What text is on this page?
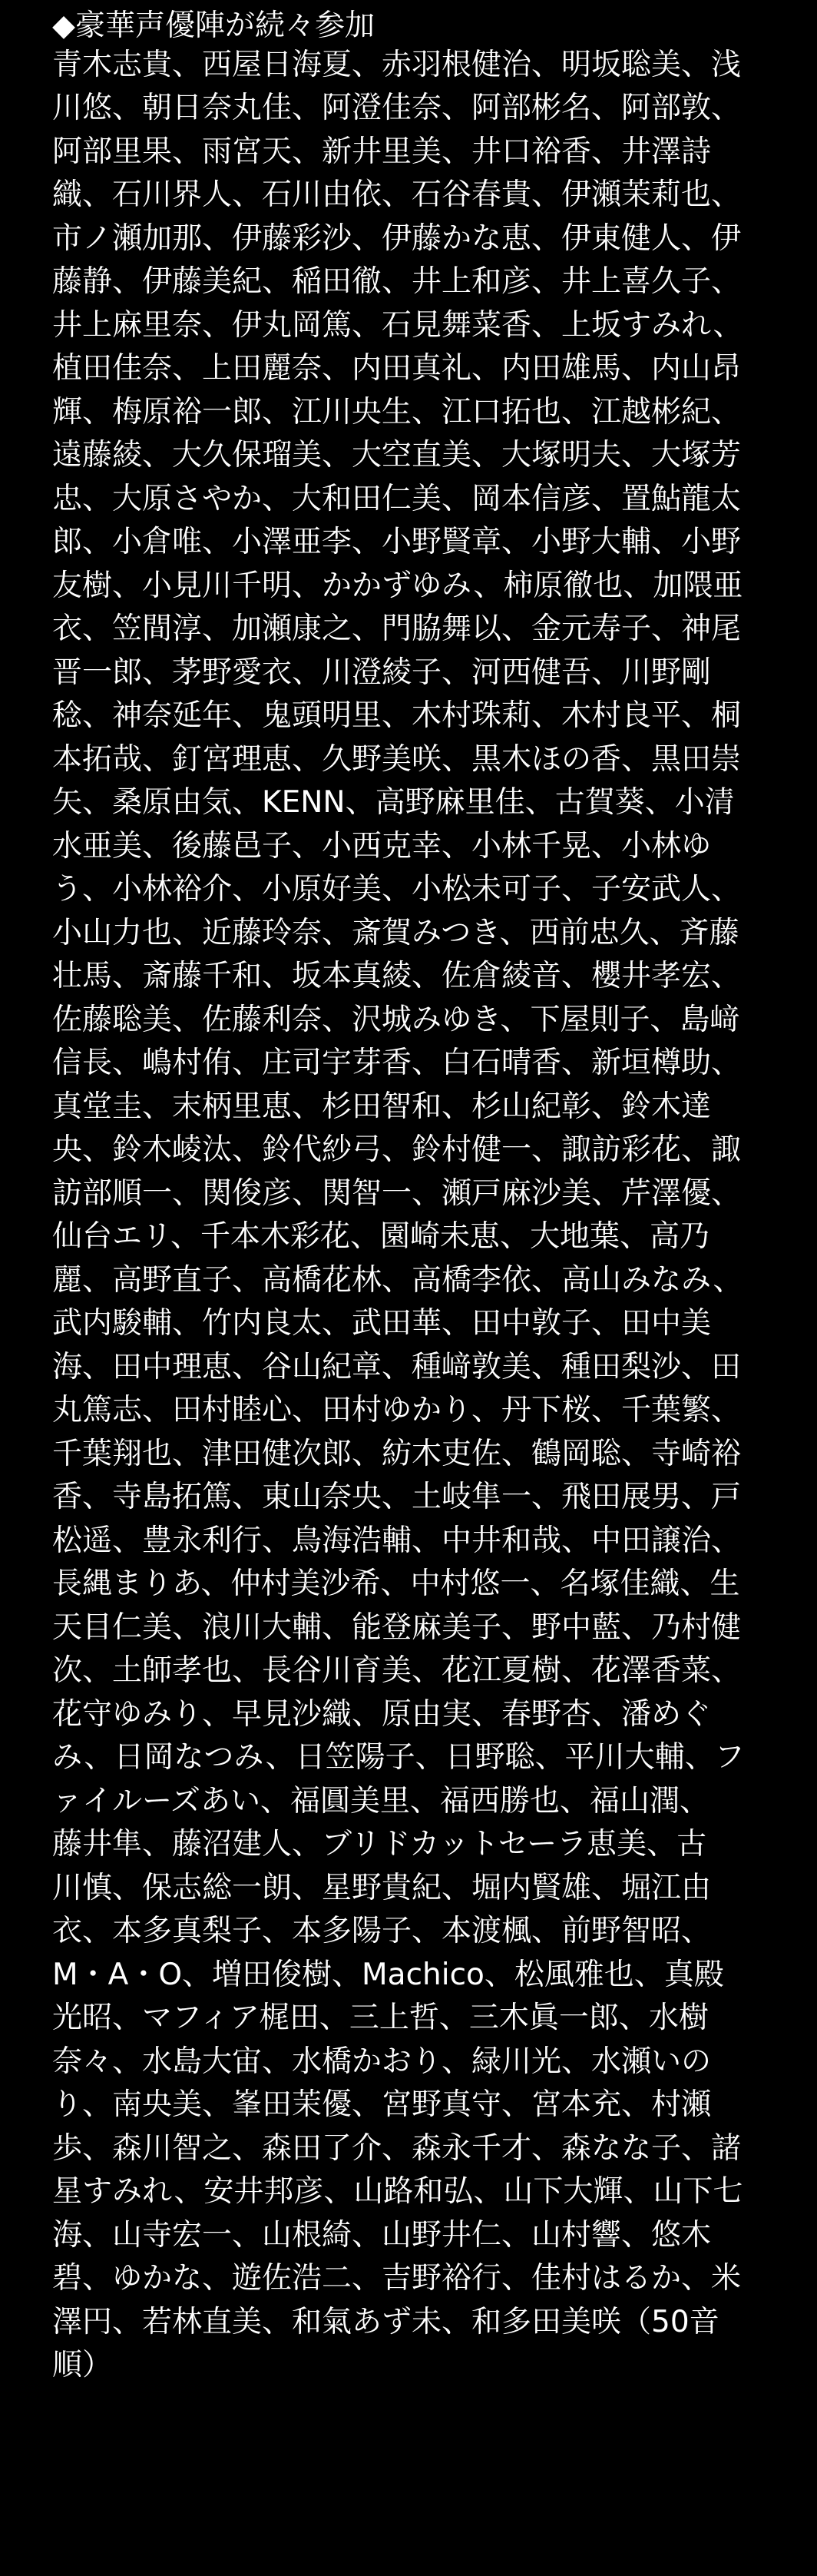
◆豪華声優陣が続々参加
青木志貴、西屋日海夏、赤羽根健治、明坂聡美、浅
川悠、朝日奈丸佳、阿澄佳奈、阿部彬名、阿部敦、
阿部里果、雨宮天、新井里美、井口裕香、井澤詩
織、石川界人、石川由依、石谷春貴、伊瀬茉莉也、
市ノ瀬加那、伊藤彩沙、伊藤かな恵、伊東健人、伊
藤静、伊藤美紀、稲田徹、井上和彦、井上喜久子、
井上麻里奈、伊丸岡篤、石見舞菜香、上坂すみれ、
植田佳奈、上田麗奈、内田真礼、内田雄馬、内山昂
輝、梅原裕一郎、江川央生、江口拓也、江越彬紀、
遠藤綾、大久保瑠美、大空直美、大塚明夫、大塚芳
忠、大原さやか、大和田仁美、岡本信彦、置鮎龍太
郎、小倉唯、小澤亜李、小野賢章、小野大輔、小野
友樹、小見川千明、かかずゆみ、柿原徹也、加隈亜
衣、笠間淳、加瀬康之、門脇舞以、金元寿子、神尾
晋一郎、茅野愛衣、川澄綾子、河西健吾、川野剛
稔、神奈延年、鬼頭明里、木村珠莉、木村良平、桐
本拓哉、釘宮理恵、久野美咲、黒木ほの香、黒田崇
矢、桑原由気、KENN、高野麻里佳、古賀葵、小清
水亜美、後藤邑子、小西克幸、小林千晃、小林ゆ
う、小林裕介、小原好美、小松未可子、子安武人、
小山力也、近藤玲奈、斎賀みつき、西前忠久、斉藤
壮馬、斎藤千和、坂本真綾、佐倉綾音、櫻井孝宏、
佐藤聡美、佐藤利奈、沢城みゆき、下屋則子、島﨑
信長、嶋村侑、庄司宇芽香、白石晴香、新垣樽助、
真堂圭、末柄里恵、杉田智和、杉山紀彰、鈴木達
央、鈴木崚汰、鈴代紗弓、鈴村健一、諏訪彩花、諏
訪部順一、関俊彦、関智一、瀬戸麻沙美、芹澤優、
仙台エリ、千本木彩花、園崎未恵、大地葉、高乃
麗、高野直子、高橋花林、高橋李依、高山みなみ、
武内駿輔、竹内良太、武田華、田中敦子、田中美
海、田中理恵、谷山紀章、種﨑敦美、種田梨沙、田
丸篤志、田村睦心、田村ゆかり、丹下桜、千葉繁、
千葉翔也、津田健次郎、紡木吏佐、鶴岡聡、寺崎裕
香、寺島拓篤、東山奈央、土岐隼一、飛田展男、戸
松遥、豊永利行、鳥海浩輔、中井和哉、中田譲治、
長縄まりあ、仲村美沙希、中村悠一、名塚佳織、生
天目仁美、浪川大輔、能登麻美子、野中藍、乃村健
次、土師孝也、長谷川育美、花江夏樹、花澤香菜、
花守ゆみり、早見沙織、原由実、春野杏、潘めぐ
み、日岡なつみ、日笠陽子、日野聡、平川大輔、フ
ァイルーズあい、福圓美里、福西勝也、福山潤、
藤井隼、藤沼建人、ブリドカットセーラ恵美、古
川慎、保志総一朗、星野貴紀、堀内賢雄、堀江由
衣、本多真梨子、本多陽子、本渡楓、前野智昭、
M・A・O、増田俊樹、Machico、松風雅也、真殿
光昭、マフィア梶田、三上哲、三木眞一郎、水樹
奈々、水島大宙、水橋かおり、緑川光、水瀬いの
り、南央美、峯田茉優、宮野真守、宮本充、村瀬
歩、森川智之、森田了介、森永千才、森なな子、諸
星すみれ、安井邦彦、山路和弘、山下大輝、山下七
海、山寺宏一、山根綺、山野井仁、山村響、悠木
碧、ゆかな、遊佐浩二、吉野裕行、佳村はるか、米
澤円、若林直美、和氣あず未、和多田美咲（50音
順）
